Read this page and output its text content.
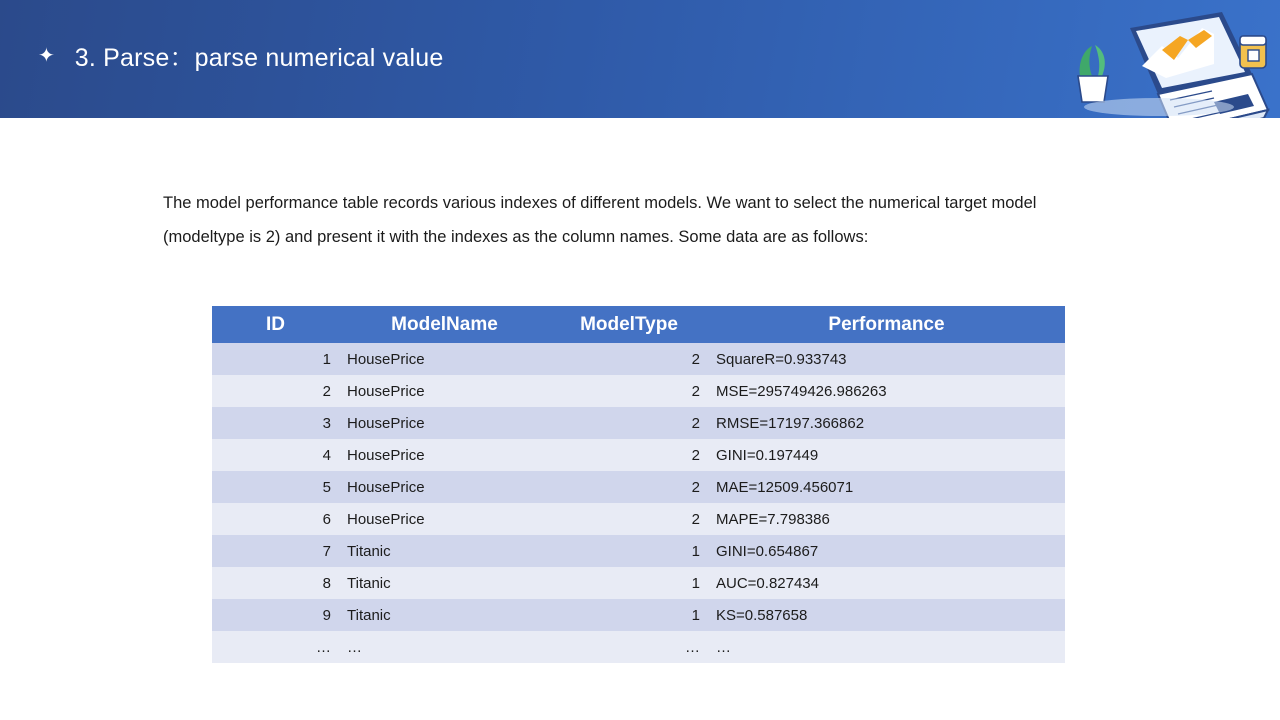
✦ 3. Parse：parse numerical value
The model performance table records various indexes of different models. We want to select the numerical target model (modeltype is 2) and present it with the indexes as the column names. Some data are as follows:
ID	ModelName	ModelType	Performance
1	HousePrice	2	SquareR=0.933743
2	HousePrice	2	MSE=295749426.986263
3	HousePrice	2	RMSE=17197.366862
4	HousePrice	2	GINI=0.197449
5	HousePrice	2	MAE=12509.456071
6	HousePrice	2	MAPE=7.798386
7	Titanic	1	GINI=0.654867
8	Titanic	1	AUC=0.827434
9	Titanic	1	KS=0.587658
…	…	…	…
